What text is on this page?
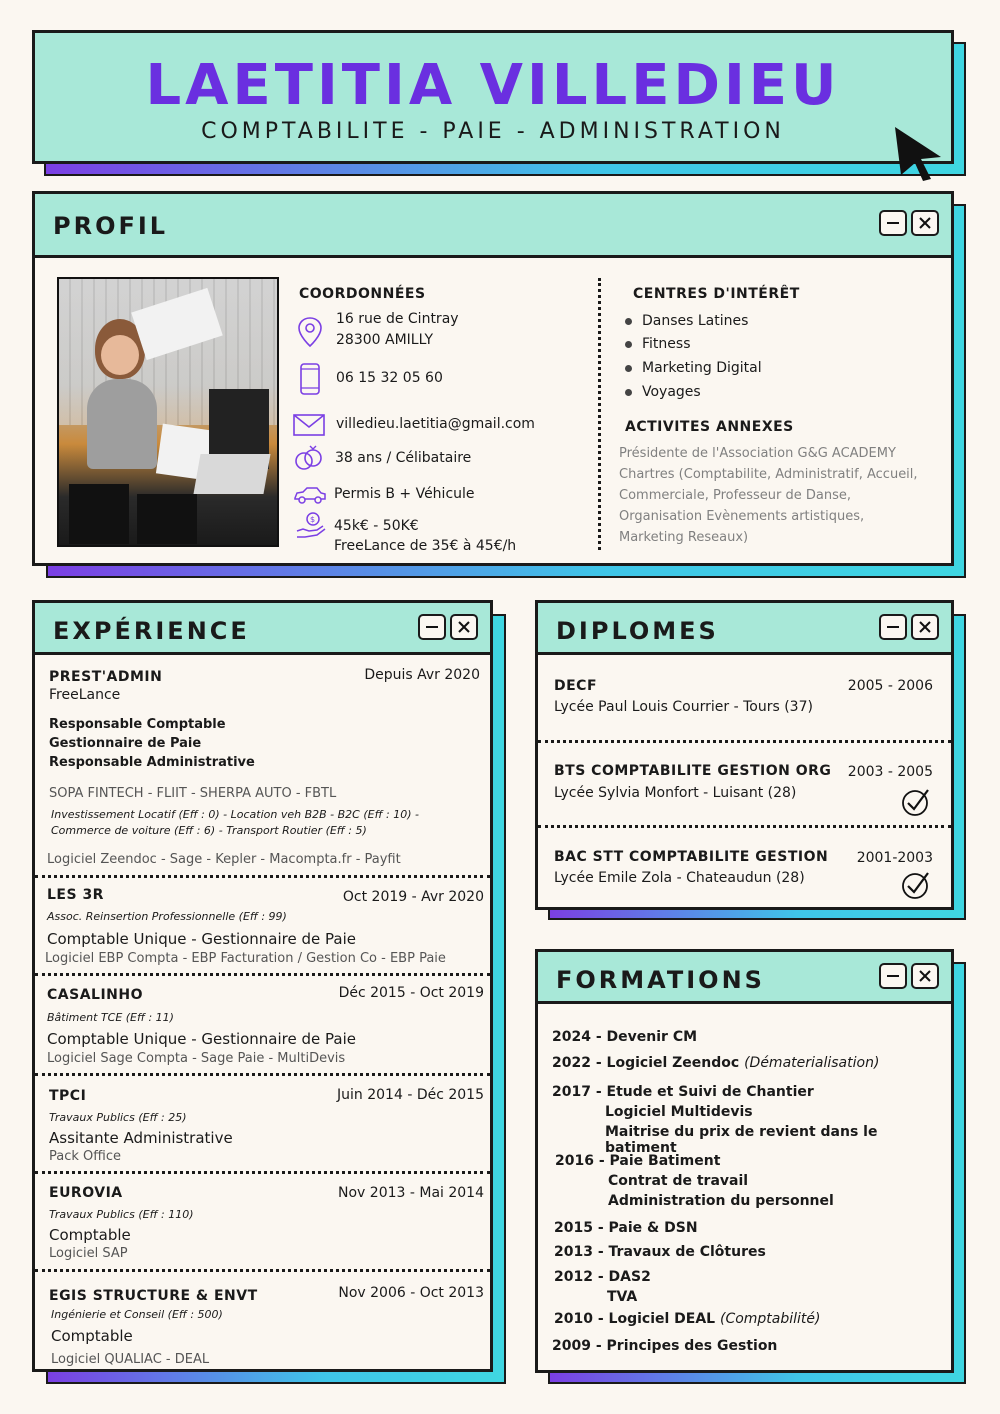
LAETITIA VILLEDIEU
COMPTABILITE - PAIE - ADMINISTRATION
PROFIL
COORDONNÉES
16 rue de Cintray
28300 AMILLY
06 15 32 05 60
villedieu.laetitia@gmail.com
38 ans / Célibataire
Permis B + Véhicule
$ 45k€ - 50K€
FreeLance de 35€ à 45€/h
CENTRES D'INTÉRÊT
Danses Latines
Fitness
Marketing Digital
Voyages
ACTIVITES ANNEXES
Présidente de l'Association G&G ACADEMY
Chartres (Comptabilite, Administratif, Accueil,
Commerciale, Professeur de Danse,
Organisation Evènements artistiques,
Marketing Reseaux)
EXPÉRIENCE
PREST'ADMIN	Depuis Avr 2020
FreeLance
Responsable Comptable
Gestionnaire de Paie
Responsable Administrative
SOPA FINTECH - FLIIT - SHERPA AUTO - FBTL
Investissement Locatif (Eff : 0) - Location veh B2B - B2C (Eff : 10) -
Commerce de voiture (Eff : 6) - Transport Routier (Eff : 5)
Logiciel Zeendoc - Sage - Kepler - Macompta.fr - Payfit
LES 3R	Oct 2019 - Avr 2020
Assoc. Reinsertion Professionnelle (Eff : 99)
Comptable Unique - Gestionnaire de Paie
Logiciel EBP Compta - EBP Facturation / Gestion Co - EBP Paie
CASALINHO	Déc 2015 - Oct 2019
Bâtiment TCE (Eff : 11)
Comptable Unique - Gestionnaire de Paie
Logiciel Sage Compta - Sage Paie - MultiDevis
TPCI	Juin 2014 - Déc 2015
Travaux Publics (Eff : 25)
Assitante Administrative
Pack Office
EUROVIA	Nov 2013 - Mai 2014
Travaux Publics (Eff : 110)
Comptable
Logiciel SAP
EGIS STRUCTURE & ENVT	Nov 2006 - Oct 2013
Ingénierie et Conseil (Eff : 500)
Comptable
Logiciel QUALIAC - DEAL
DIPLOMES
DECF	2005 - 2006
Lycée Paul Louis Courrier - Tours (37)
BTS COMPTABILITE GESTION ORG 2003 - 2005
Lycée Sylvia Monfort - Luisant (28)
BAC STT COMPTABILITE GESTION 2001-2003
Lycée Emile Zola - Chateaudun (28)
FORMATIONS
2024 - Devenir CM
2022 - Logiciel Zeendoc (Dématerialisation)
2017 - Etude et Suivi de Chantier
Logiciel Multidevis
Maitrise du prix de revient dans le batiment
2016 - Paie Batiment
Contrat de travail
Administration du personnel
2015 - Paie & DSN
2013 - Travaux de Clôtures
2012 - DAS2
TVA
2010 - Logiciel DEAL (Comptabilité)
2009 - Principes des Gestion
